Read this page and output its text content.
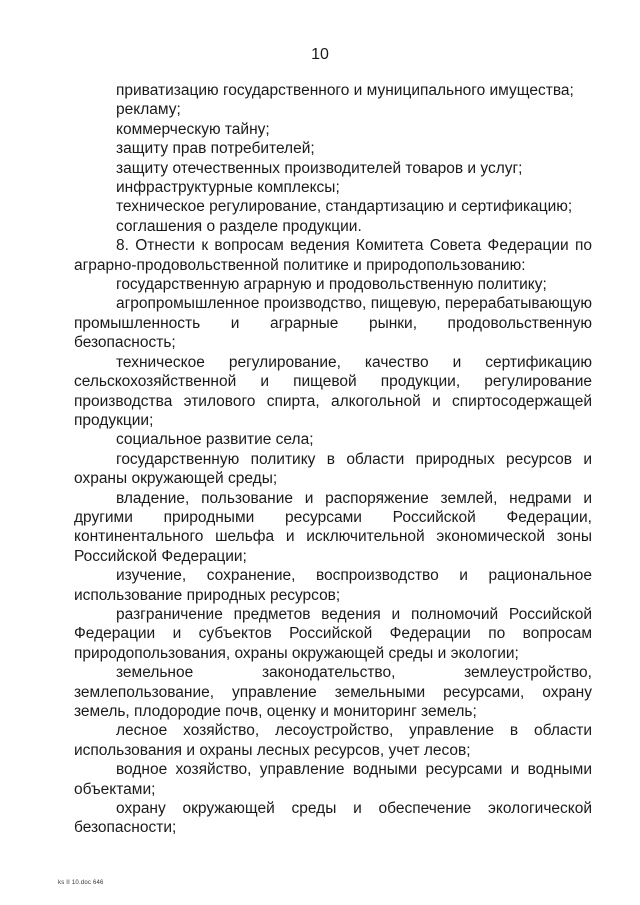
10

приватизацию государственного и муниципального имущества;

рекламу;

коммерческую тайну;

защиту прав потребителей;

защиту отечественных производителей товаров и услуг;

инфраструктурные комплексы;

техническое регулирование, стандартизацию и сертификацию;

соглашения о разделе продукции.

8. Отнести к вопросам ведения Комитета Совета Федерации по аграрно-продовольственной политике и природопользованию:

государственную аграрную и продовольственную политику;

агропромышленное производство, пищевую, перерабатывающую промышленность и аграрные рынки, продовольственную безопасность;

техническое регулирование, качество и сертификацию сельскохозяйственной и пищевой продукции, регулирование производства этилового спирта, алкогольной и спиртосодержащей продукции;

социальное развитие села;

государственную политику в области природных ресурсов и охраны окружающей среды;

владение, пользование и распоряжение землей, недрами и другими природными ресурсами Российской Федерации, континентального шельфа и исключительной экономической зоны Российской Федерации;

изучение, сохранение, воспроизводство и рациональное использование природных ресурсов;

разграничение предметов ведения и полномочий Российской Федерации и субъектов Российской Федерации по вопросам природопользования, охраны окружающей среды и экологии;

земельное законодательство, землеустройство, землепользование, управление земельными ресурсами, охрану земель, плодородие почв, оценку и мониторинг земель;

лесное хозяйство, лесоустройство, управление в области использования и охраны лесных ресурсов, учет лесов;

водное хозяйство, управление водными ресурсами и водными объектами;

охрану окружающей среды и обеспечение экологической безопасности;

ks II 10.doc 646
